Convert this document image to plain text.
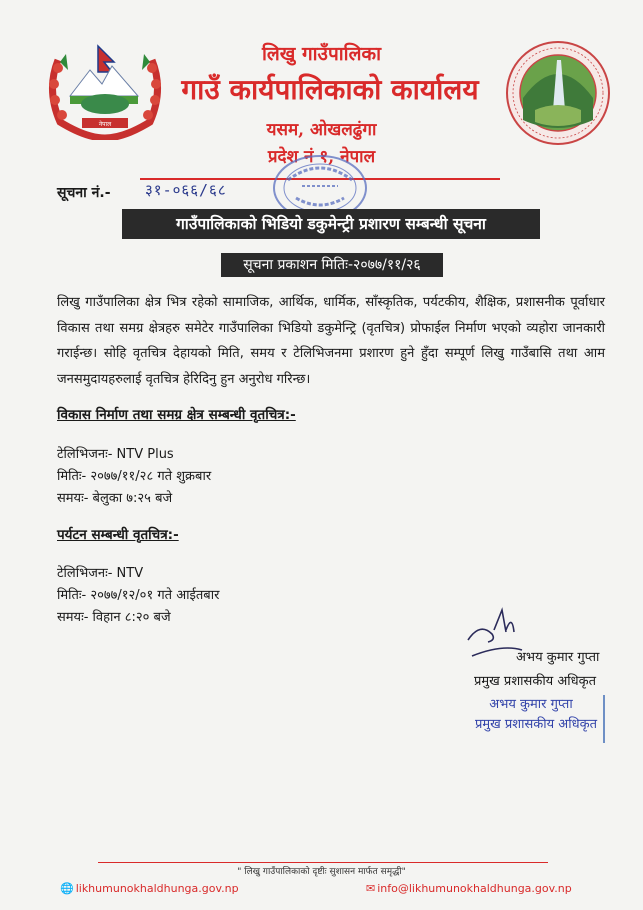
नेपाल
लिखु गाउँपालिका
गाउँ कार्यपालिकाको कार्यालय
यसम, ओखलढुंगा
प्रदेश नं १, नेपाल
सूचना नं.- ३१-०६६/६८
गाउँपालिकाको भिडियो डकुमेन्ट्री प्रशारण सम्बन्धी सूचना
सूचना प्रकाशन मितिः-२०७७/११/२६
लिखु गाउँपालिका क्षेत्र भित्र रहेको सामाजिक, आर्थिक, धार्मिक, साँस्कृतिक, पर्यटकीय, शैक्षिक, प्रशासनीक पूर्वाधार विकास तथा समग्र क्षेत्रहरु समेटेर गाउँपालिका भिडियो डकुमेन्ट्रि (वृतचित्र) प्रोफाईल निर्माण भएको व्यहोरा जानकारी गराईन्छ। सोहि वृतचित्र देहायको मिति, समय र टेलिभिजनमा प्रशारण हुने हुँदा सम्पूर्ण लिखु गाउँबासि तथा आम जनसमुदायहरुलाई वृतचित्र हेरिदिनु हुन अनुरोध गरिन्छ।
विकास निर्माण तथा समग्र क्षेत्र सम्बन्धी वृतचित्र:-
टेलिभिजनः- NTV Plus
मितिः- २०७७/११/२८ गते शुक्रबार
समयः- बेलुका ७:२५ बजे
पर्यटन सम्बन्धी वृतचित्र:-
टेलिभिजनः- NTV
मितिः- २०७७/१२/०१ गते आईतबार
समयः- विहान ८:२० बजे
अभय कुमार गुप्ता
प्रमुख प्रशासकीय अधिकृत
अभय कुमार गुप्ता
प्रमुख प्रशासकीय अधिकृत
" लिखु गाउँपालिकाको दृष्टीः सुशासन मार्फत समृद्धी"
🌐 likhumunokhaldhunga.gov.np	✉ info@likhumunokhaldhunga.gov.np
